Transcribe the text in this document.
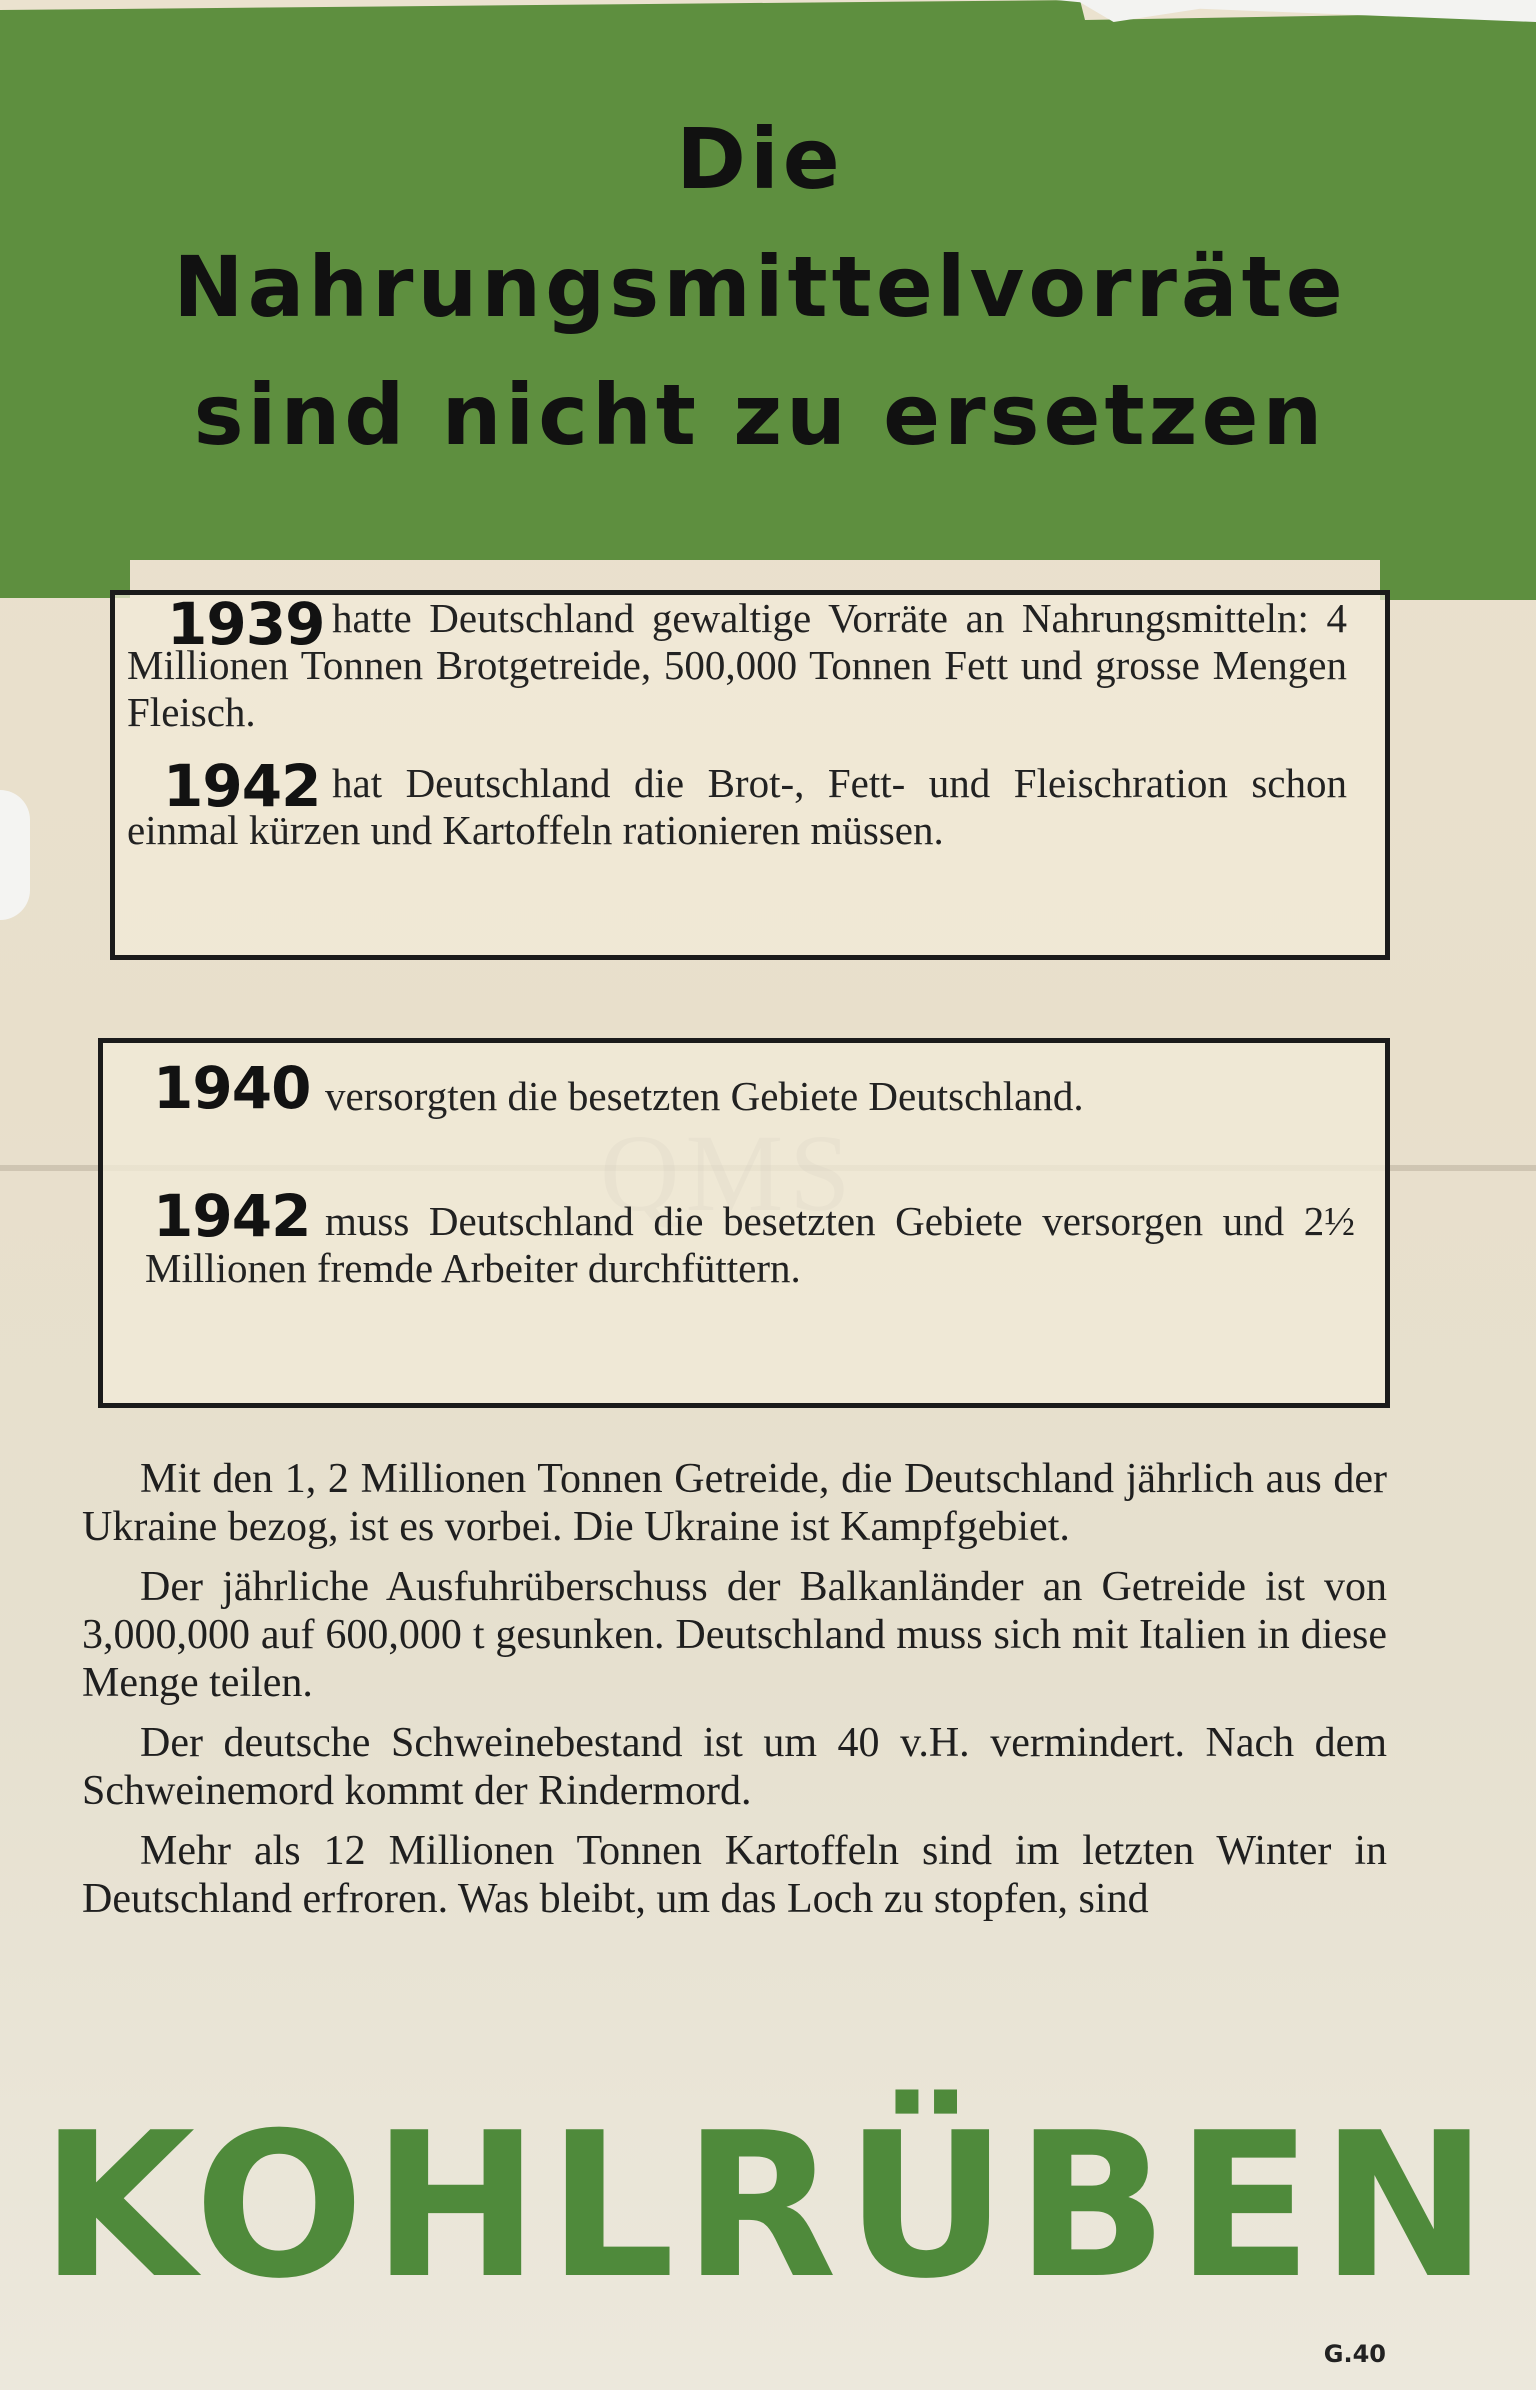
Die
Nahrungsmittelvorräte
sind nicht zu ersetzen
1939 hatte Deutschland gewaltige Vorräte an Nahrungsmitteln: 4 Millionen Tonnen Brotgetreide, 500,000 Tonnen Fett und grosse Mengen Fleisch.
1942 hat Deutschland die Brot-, Fett- und Fleischration schon einmal kürzen und Kartoffeln rationieren müssen.
1940 versorgten die besetzten Gebiete Deutschland.
1942 muss Deutschland die besetzten Gebiete versorgen und 2½ Millionen fremde Arbeiter durchfüttern.

Mit den 1, 2 Millionen Tonnen Getreide, die Deutschland jährlich aus der Ukraine bezog, ist es vorbei. Die Ukraine ist Kampfgebiet.

Der jährliche Ausfuhrüberschuss der Balkanländer an Getreide ist von 3,000,000 auf 600,000 t gesunken. Deutschland muss sich mit Italien in diese Menge teilen.

Der deutsche Schweinebestand ist um 40 v.H. vermindert. Nach dem Schweinemord kommt der Rindermord.

Mehr als 12 Millionen Tonnen Kartoffeln sind im letzten Winter in Deutschland erfroren. Was bleibt, um das Loch zu stopfen, sind

KOHLRÜBEN
G.40
